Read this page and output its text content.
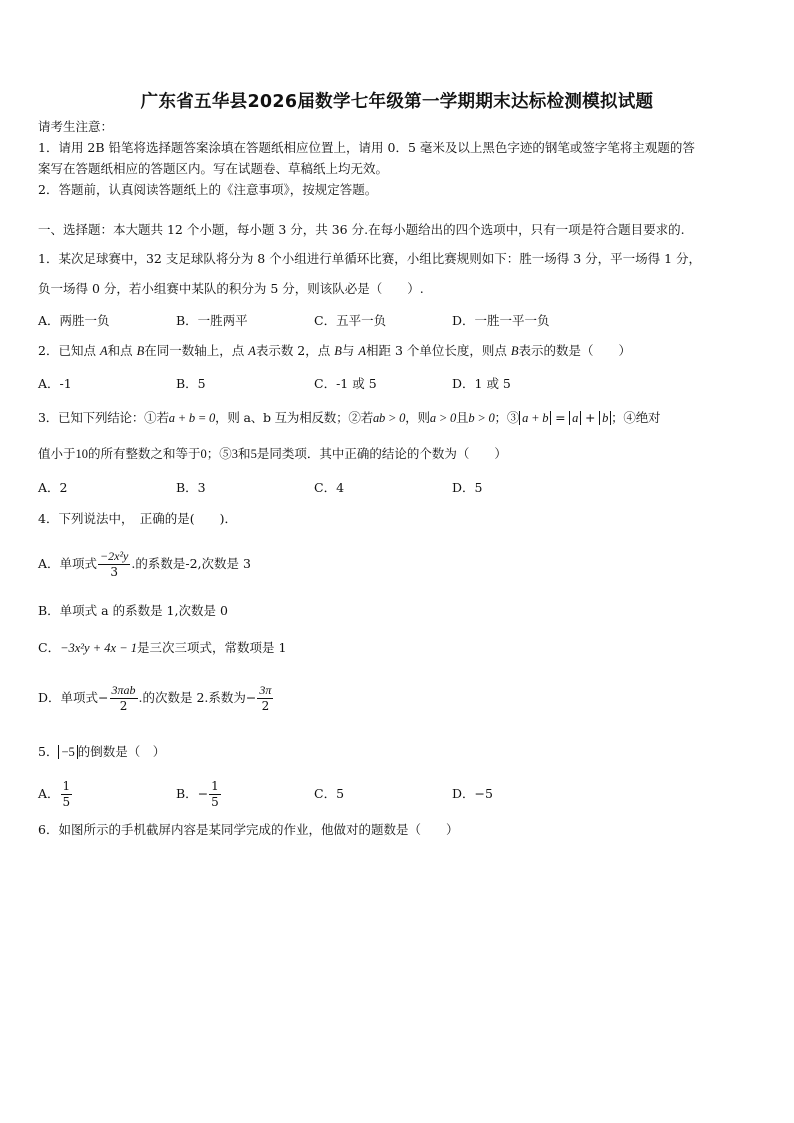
广东省五华县2026届数学七年级第一学期期末达标检测模拟试题
请考生注意：
1．请用 2B 铅笔将选择题答案涂填在答题纸相应位置上，请用 0．5 毫米及以上黑色字迹的钢笔或签字笔将主观题的答
案写在答题纸相应的答题区内。写在试题卷、草稿纸上均无效。
2．答题前，认真阅读答题纸上的《注意事项》，按规定答题。
一、选择题：本大题共 12 个小题，每小题 3 分，共 36 分.在每小题给出的四个选项中，只有一项是符合题目要求的.
1．某次足球赛中，32 支足球队将分为 8 个小组进行单循环比赛，小组比赛规则如下：胜一场得 3 分，平一场得 1 分，
负一场得 0 分，若小组赛中某队的积分为 5 分，则该队必是（　　）.
A．两胜一负	B．一胜两平	C．五平一负	D．一胜一平一负
2．已知点 A和点 B在同一数轴上，点 A表示数 2，点 B与 A相距 3 个单位长度，则点 B表示的数是（　　）
A．-1	B．5	C．-1 或 5	D．1 或 5
3．已知下列结论：①若a + b = 0，则 a、b 互为相反数；②若ab > 0，则a > 0且b > 0；③ a + b = a + b ；④绝对
值小于10的所有整数之和等于0；⑤3和5是同类项．其中正确的结论的个数为（　　）
A．2	B．3	C．4	D．5
4．下列说法中，　正确的是(　　)．
A．单项式 $\frac{\text{−2x²y}}{3}$ .的系数是-2,次数是 3
B．单项式 a 的系数是 1,次数是 0
C．−3x²y + 4x − 1是三次三项式，常数项是 1
D．单项式− $\frac{\text{3πab}}{2}$ .的次数是 2.系数为− $\frac{3\pi}{2}$
5． −5 的倒数是（　）
A． $\frac{1}{5}$	B．− $\frac{1}{5}$	C．5	D．−5
6．如图所示的手机截屏内容是某同学完成的作业，他做对的题数是（　　）
